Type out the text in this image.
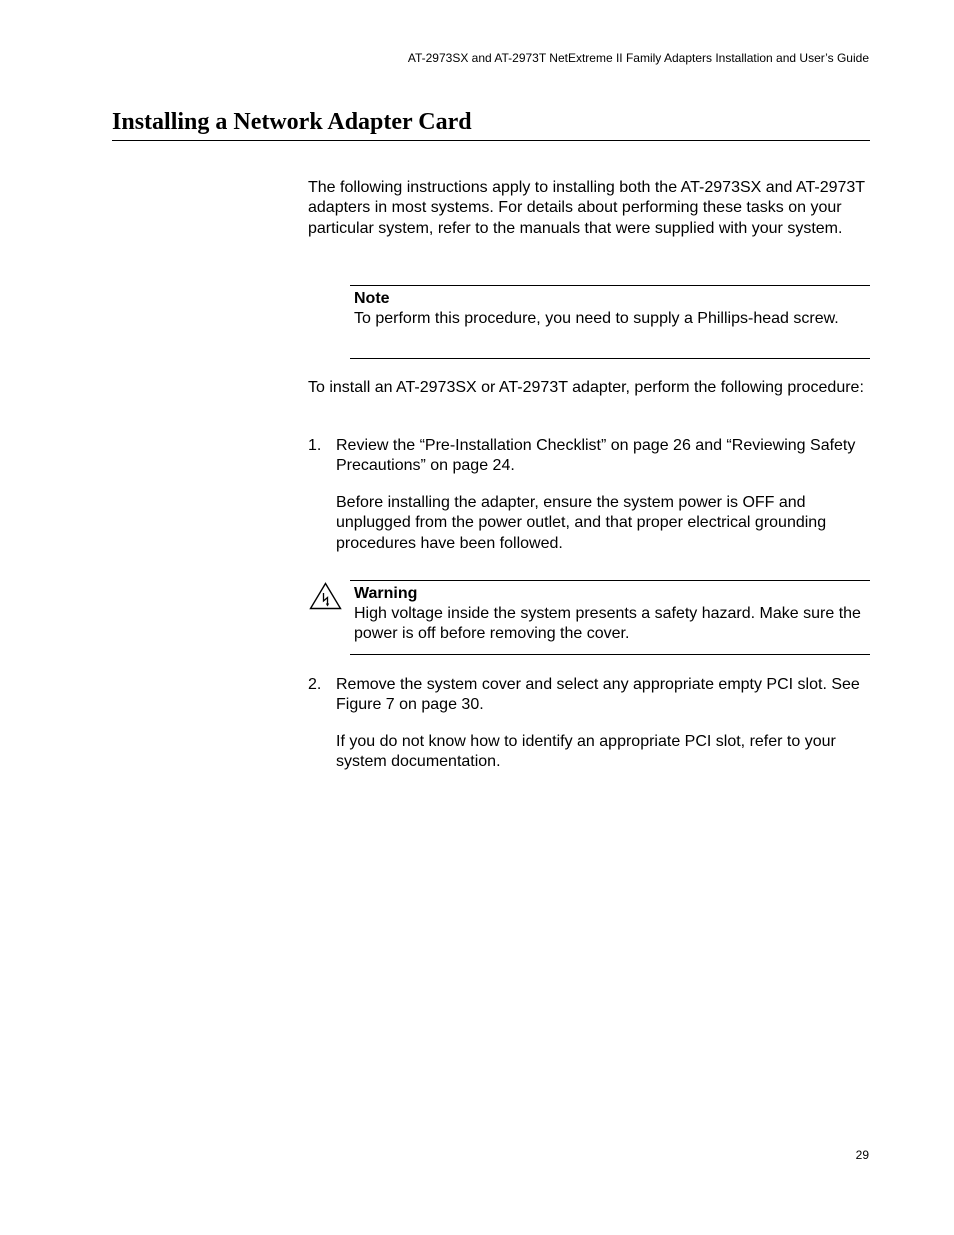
AT-2973SX and AT-2973T NetExtreme II Family Adapters Installation and User’s Guide
Installing a Network Adapter Card

The following instructions apply to installing both the AT-2973SX and AT-2973T adapters in most systems. For details about performing these tasks on your particular system, refer to the manuals that were supplied with your system.

Note

To perform this procedure, you need to supply a Phillips-head screw.

To install an AT-2973SX or AT-2973T adapter, perform the following procedure:

1. Review the “Pre-Installation Checklist” on page 26 and “Reviewing Safety Precautions” on page 24.

Before installing the adapter, ensure the system power is OFF and unplugged from the power outlet, and that proper electrical grounding procedures have been followed.

Warning

High voltage inside the system presents a safety hazard. Make sure the power is off before removing the cover.

2. Remove the system cover and select any appropriate empty PCI slot. See Figure 7 on page 30.

If you do not know how to identify an appropriate PCI slot, refer to your system documentation.

29
